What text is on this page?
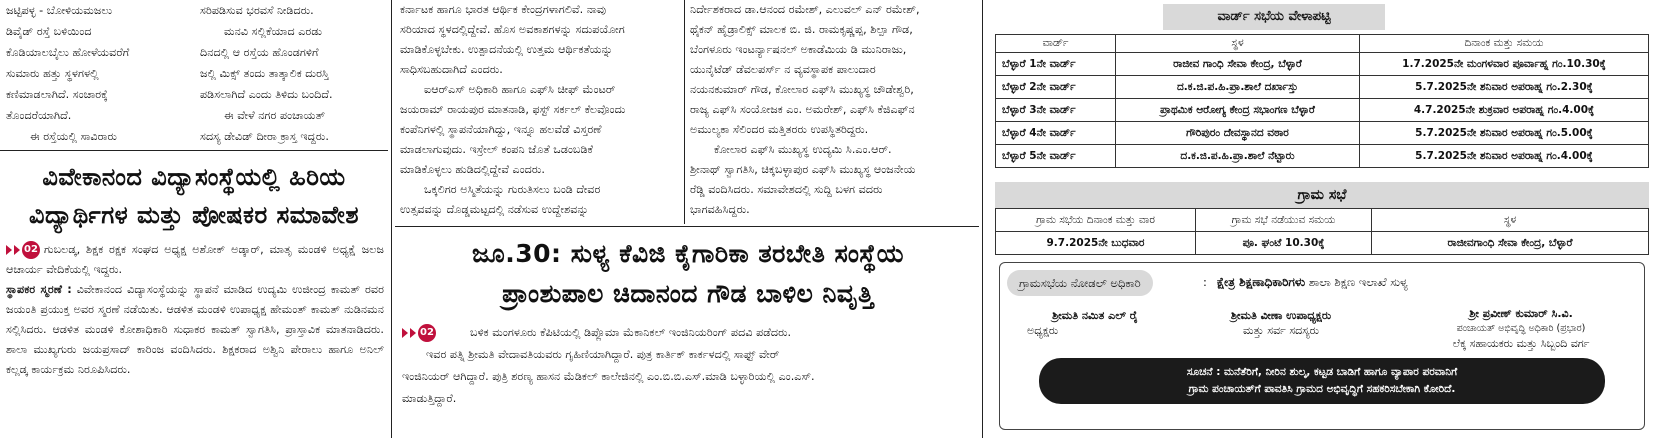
ಜಟ್ಟಿಪಳ್ಳ - ಬೋಳಿಯಮಜಲು
ಡಿವೈಡ್ ರಸ್ತೆ ಬಳಿಯಿಂದ
ಕೊಡಿಯಾಲಬೈಲು ಹೋಳೆಯವರೆಗೆ
ಸುಮಾರು ಹತ್ತು ಸ್ಥಳಗಳಲ್ಲಿ
ಕಣಿಮಾಡಲಾಗಿದೆ. ಸಂಚಾರಕ್ಕೆ
ತೊಂದರೆಯಾಗಿದೆ.
ಈ ರಸ್ತೆಯಲ್ಲಿ ಸಾವಿರಾರು
ಸರಿಪಡಿಸುವ ಭರವಸೆ ನೀಡಿದರು.
ಮನವಿ ಸಲ್ಲಿಕೆಯಾದ ಎರಡು
ದಿನದಲ್ಲಿ ಆ ರಸ್ತೆಯ ಹೊಂಡಗಳಿಗೆ
ಜಲ್ಲಿ ಮಿಕ್ಸ್ ತಂದು ತಾತ್ಕಾಲಿಕ ದುರಸ್ತಿ
ಪಡಿಸಲಾಗಿದೆ ಎಂದು ತಿಳಿದು ಬಂದಿದೆ.
ಈ ವೇಳೆ ನಗರ ಪಂಚಾಯತ್
ಸದಸ್ಯ ಡೇವಿಡ್ ದೀರಾ ಕ್ರಾಸ್ತ ಇದ್ದರು.
ವಿವೇಕಾನಂದ ವಿದ್ಯಾಸಂಸ್ಥೆಯಲ್ಲಿ ಹಿರಿಯ
ವಿದ್ಯಾರ್ಥಿಗಳ ಮತ್ತು ಪೋಷಕರ ಸಮಾವೇಶ
02 ಗುಬಲಡ್ಕ, ಶಿಕ್ಷಕ ರಕ್ಷಕ ಸಂಘದ ಅಧ್ಯಕ್ಷ ಅಶೋಕ್ ಅಡ್ಕಾರ್, ಮಾತೃ ಮಂಡಳಿ ಅಧ್ಯಕ್ಷೆ ಜಲಜ ಆಚಾರ್ಯ ವೇದಿಕೆಯಲ್ಲಿ ಇದ್ದರು.
ಸ್ಥಾಪಕರ ಸ್ಮರಣೆ : ವಿವೇಕಾನಂದ ವಿದ್ಯಾಸಂಸ್ಥೆಯನ್ನು ಸ್ಥಾಪನೆ ಮಾಡಿದ ಉದ್ಯಮಿ ಉಜೀಂದ್ರ ಕಾಮತ್ ರವರ ಜಯಂತಿ ಪ್ರಯುಕ್ತ ಅವರ ಸ್ಮರಣೆ ನಡೆಯಿತು. ಆಡಳಿತ ಮಂಡಳಿ ಉಪಾಧ್ಯಕ್ಷ ಹೇಮಂತ್ ಕಾಮತ್ ನುಡಿನಮನ ಸಲ್ಲಿಸಿದರು. ಆಡಳಿತ ಮಂಡಳಿ ಕೋಶಾಧಿಕಾರಿ ಸುಧಾಕರ ಕಾಮತ್ ಸ್ವಾಗತಿಸಿ, ಪ್ರಾಸ್ತಾವಿಕ ಮಾತನಾಡಿದರು. ಶಾಲಾ ಮುಖ್ಯಗುರು ಜಯಪ್ರಸಾದ್ ಕಾರಿಂಜ ವಂದಿಸಿದರು. ಶಿಕ್ಷಕರಾದ ಅಶ್ವಿನಿ ಪೇರಾಲು ಹಾಗೂ ಅನಿಲ್ ಕಲ್ಲಡ್ಕ ಕಾರ್ಯಕ್ರಮ ನಿರೂಪಿಸಿದರು.
ಕರ್ನಾಟಕ ಹಾಗೂ ಭಾರತ ಆರ್ಥಿಕ ಕೇಂದ್ರಗಳಾಗಲಿವೆ. ನಾವು
ಸರಿಯಾದ ಸ್ಥಳದಲ್ಲಿದ್ದೇವೆ. ಹೊಸ ಅವಕಾಶಗಳನ್ನು ಸದುಪಯೋಗ
ಮಾಡಿಕೊಳ್ಳಬೇಕು. ಉತ್ಪಾದನೆಯಲ್ಲಿ ಉತ್ತಮ ಆರ್ಥಿಕತೆಯನ್ನು
ಸಾಧಿಸಬಹುದಾಗಿದೆ ಎಂದರು.
ಐಆರ್‌ಎಸ್ ಅಧಿಕಾರಿ ಹಾಗೂ ಎಫ್‌ಸಿ ಚೀಫ್ ಮೆಂಟರ್
ಜಯರಾಮ್ ರಾಯಪುರ ಮಾತನಾಡಿ, ಫಸ್ಟ್ ಸರ್ಕಲ್ ಕೆಲವೊಂದು
ಕಂಪೆನಿಗಳಲ್ಲಿ ಸ್ಥಾಪನೆಯಾಗಿದ್ದು, ಇನ್ನೂ ಹಲವೆಡೆ ವಿಸ್ತರಣೆ
ಮಾಡಲಾಗುವುದು. ಇಸ್ರೇಲ್ ಕಂಪನಿ ಜೊತೆ ಒಡಂಬಡಿಕೆ
ಮಾಡಿಕೊಳ್ಳಲು ಹುಡಿದಲ್ಲಿದ್ದೇವೆ ಎಂದರು.
ಒಕ್ಕಲಿಗರ ಅಸ್ಮಿತೆಯನ್ನು ಗುರುತಿಸಲು ಬಂಡಿ ದೇವರ
ಉತ್ಸವವನ್ನು ದೊಡ್ಡಮಟ್ಟದಲ್ಲಿ ನಡೆಸುವ ಉದ್ದೇಶವನ್ನು
ನಿರ್ದೇಶಕರಾದ ಡಾ.ಆನಂದ ರಮೇಶ್, ಎಲುವಲ್ ಎನ್ ರಮೇಶ್,
ಥೈಕನ್ ಹೈಡ್ರಾಲಿಕ್ಸ್ ಮಾಲಕ ಬಿ. ಜಿ. ರಾಮಕೃಷ್ಣಪ್ಪ, ಶಿಲ್ಪಾ ಗೌಡ,
ಬೆಂಗಳೂರು ಇಂಟರ್ನ್ಯಾಷನಲ್ ಅಕಾಡೆಮಿಯ ಡಿ ಮುನಿರಾಜು,
ಯುನೈಟೆಡ್ ಡೆವಲಪರ್ಸ್ ನ ವ್ಯವಸ್ಥಾಪಕ ಪಾಲುದಾರ
ನಯನಕುಮಾರ್ ಗೌಡ, ಕೋಲಾರ ಎಫ್‌ಸಿ ಮುಖ್ಯಸ್ಥ ಚೌಡೇಶ್ವರಿ,
ರಾಜ್ಯ ಎಫ್‌ಸಿ ಸಂಯೋಜಕ ಎಂ. ಅಮರೇಶ್, ಎಫ್‌ಸಿ ಕೆಜಿಎಫ್‌ನ
ಅಮುಲ್ಯಕಾ ಸೆಲಿಂದರ ಮತ್ತಿತರರು ಉಪಸ್ಥಿತರಿದ್ದರು.
ಕೋಲಾರ ಎಫ್‌ಸಿ ಮುಖ್ಯಸ್ಥ ಉದ್ಯಮಿ ಸಿ.ಎಂ.ಆರ್.
ಶ್ರೀನಾಥ್ ಸ್ವಾಗತಿಸಿ, ಚಿಕ್ಕಬಳ್ಳಾಪುರ ಎಫ್‌ಸಿ ಮುಖ್ಯಸ್ಥ ಆಂಜನೇಯ
ರೆಡ್ಡಿ ವಂದಿಸಿದರು. ಸಮಾವೇಶದಲ್ಲಿ ಸುದ್ದಿ ಬಳಗ ವದರು
ಭಾಗವಹಿಸಿದ್ದರು.
ಜೂ.30: ಸುಳ್ಯ ಕೆವಿಜಿ ಕೈಗಾರಿಕಾ ತರಬೇತಿ ಸಂಸ್ಥೆಯ
ಪ್ರಾಂಶುಪಾಲ ಚಿದಾನಂದ ಗೌಡ ಬಾಳಿಲ ನಿವೃತ್ತಿ
02	ಬಳಿಕ ಮಂಗಳೂರು ಕೆಪಿಟಿಯಲ್ಲಿ ಡಿಪ್ಲೊಮಾ ಮೆಕಾನಿಕಲ್ ಇಂಜಿನಿಯರಿಂಗ್ ಪದವಿ ಪಡೆದರು.
ಇವರ ಪತ್ನಿ ಶ್ರೀಮತಿ ವೇದಾವತಿಯವರು ಗೃಹಿಣಿಯಾಗಿದ್ದಾರೆ. ಪುತ್ರ ಕಾರ್ತಿಕ್ ಕಾರ್ಕಳದಲ್ಲಿ ಸಾಫ್ಟ್ ವೇರ್
ಇಂಜಿನಿಯರ್ ಆಗಿದ್ದಾರೆ. ಪುತ್ರಿ ಶರಣ್ಯ ಹಾಸನ ಮೆಡಿಕಲ್ ಕಾಲೇಜಿನಲ್ಲಿ ಎಂ.ಬಿ.ಬಿ.ಎಸ್.ಮಾಡಿ ಬಳ್ಳಾರಿಯಲ್ಲಿ ಎಂ.ಎಸ್.
ಮಾಡುತ್ತಿದ್ದಾರೆ.
ವಾರ್ಡ್ ಸಭೆಯ ವೇಳಾಪಟ್ಟಿ
ವಾರ್ಡ್	ಸ್ಥಳ	ದಿನಾಂಕ ಮತ್ತು ಸಮಯ
ಬೆಳ್ಳಾರೆ 1ನೇ ವಾರ್ಡ್	ರಾಜೀವ ಗಾಂಧಿ ಸೇವಾ ಕೇಂದ್ರ, ಬೆಳ್ಳಾರೆ	1.7.2025ನೇ ಮಂಗಳವಾರ ಪೂರ್ವಾಹ್ನ ಗಂ.10.30ಕ್ಕೆ
ಬೆಳ್ಳಾರೆ 2ನೇ ವಾರ್ಡ್	ದ.ಕ.ಜಿ.ಪ.ಹಿ.ಪ್ರಾ.ಶಾಲೆ ದರ್ಖಾಸ್ತು	5.7.2025ನೇ ಶನಿವಾರ ಅಪರಾಹ್ನ ಗಂ.2.30ಕ್ಕೆ
ಬೆಳ್ಳಾರೆ 3ನೇ ವಾರ್ಡ್	ಪ್ರಾಥಮಿಕ ಆರೋಗ್ಯ ಕೇಂದ್ರ ಸಭಾಂಗಣ ಬೆಳ್ಳಾರೆ	4.7.2025ನೇ ಶುಕ್ರವಾರ ಅಪರಾಹ್ನ ಗಂ.4.00ಕ್ಕೆ
ಬೆಳ್ಳಾರೆ 4ನೇ ವಾರ್ಡ್	ಗೌರಿಪುರಂ ದೇವಸ್ಥಾನದ ವಠಾರ	5.7.2025ನೇ ಶನಿವಾರ ಅಪರಾಹ್ನ ಗಂ.5.00ಕ್ಕೆ
ಬೆಳ್ಳಾರೆ 5ನೇ ವಾರ್ಡ್	ದ.ಕ.ಜಿ.ಪ.ಹಿ.ಪ್ರಾ.ಶಾಲೆ ನೆಟ್ಟಾರು	5.7.2025ನೇ ಶನಿವಾರ ಅಪರಾಹ್ನ ಗಂ.4.00ಕ್ಕೆ
ಗ್ರಾಮ ಸಭೆ
ಗ್ರಾಮ ಸಭೆಯ ದಿನಾಂಕ ಮತ್ತು ವಾರ	ಗ್ರಾಮ ಸಭೆ ನಡೆಯುವ ಸಮಯ	ಸ್ಥಳ
9.7.2025ನೇ ಬುಧವಾರ	ಪೂ. ಘಂಟೆ 10.30ಕ್ಕೆ	ರಾಜೀವಗಾಂಧಿ ಸೇವಾ ಕೇಂದ್ರ, ಬೆಳ್ಳಾರೆ
ಗ್ರಾಮಸಭೆಯ ನೋಡಲ್ ಅಧಿಕಾರಿ	: ಕ್ಷೇತ್ರ ಶಿಕ್ಷಣಾಧಿಕಾರಿಗಳು ಶಾಲಾ ಶಿಕ್ಷಣ ಇಲಾಖೆ ಸುಳ್ಯ
ಶ್ರೀಮತಿ ನಮಿತ ಎಲ್ ರೈ
ಅಧ್ಯಕ್ಷರು
ಶ್ರೀಮತಿ ವೀಣಾ ಉಪಾಧ್ಯಕ್ಷರು
ಮತ್ತು ಸರ್ವ ಸದಸ್ಯರು
ಶ್ರೀ ಪ್ರವೀಣ್ ಕುಮಾರ್ ಸಿ.ವಿ.
ಪಂಚಾಯತ್ ಅಭಿವೃದ್ಧಿ ಅಧಿಕಾರಿ (ಪ್ರಭಾರ)
ಲೆಕ್ಕ ಸಹಾಯಕರು ಮತ್ತು ಸಿಬ್ಬಂದಿ ವರ್ಗ
ಸೂಚನೆ : ಮನೆತೆರಿಗೆ, ನೀರಿನ ಶುಲ್ಕ, ಕಟ್ಟಡ ಬಾಡಿಗೆ ಹಾಗೂ ವ್ಯಾಪಾರ ಪರವಾನಿಗೆ
ಗ್ರಾಮ ಪಂಚಾಯತ್‌ಗೆ ಪಾವತಿಸಿ ಗ್ರಾಮದ ಅಭಿವೃದ್ಧಿಗೆ ಸಹಕರಿಸಬೇಕಾಗಿ ಕೋರಿದೆ.
